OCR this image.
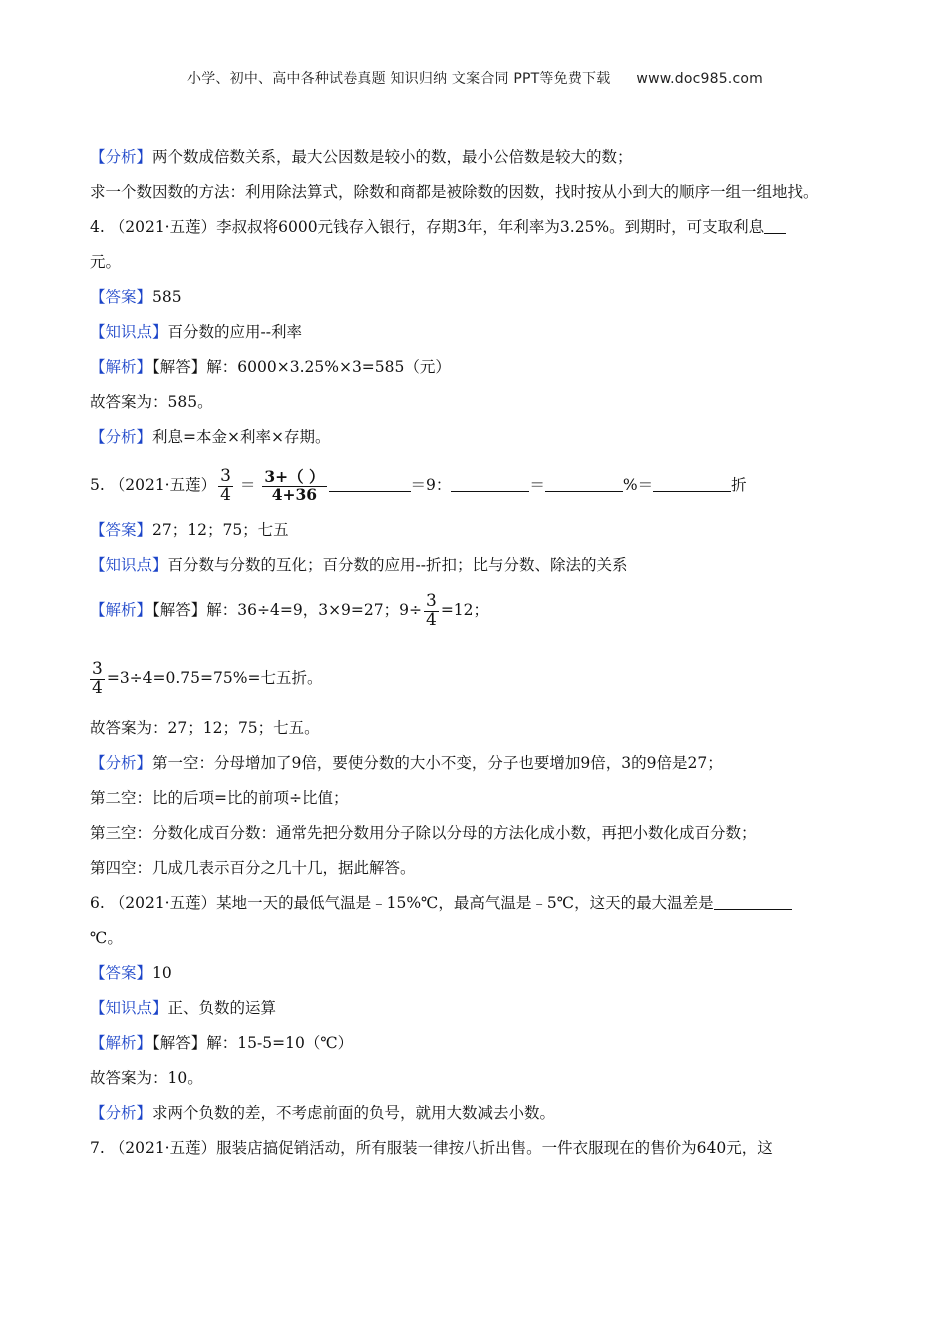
小学、初中、高中各种试卷真题 知识归纳 文案合同 PPT等免费下载 www.doc985.com

【分析】两个数成倍数关系，最大公因数是较小的数，最小公倍数是较大的数；

求一个数因数的方法：利用除法算式，除数和商都是被除数的因数，找时按从小到大的顺序一组一组地找。

4. （2021·五莲）李叔叔将6000元钱存入银行，存期3年，年利率为3.25%。到期时，可支取利息

元。

【答案】585

【知识点】百分数的应用--利率

【解析】【解答】解：6000×3.25%×3=585（元）

故答案为：585。

【分析】利息=本金×利率×存期。

5. （2021·五莲） $\frac{3}{4} = \frac{3+( )}{4+36}$	＝9：	＝	%＝	折

【答案】27；12；75；七五

【知识点】百分数与分数的互化；百分数的应用--折扣；比与分数、除法的关系

【解析】【解答】解：36÷4=9，3×9=27；$9\div \frac{3}{4} =12$；

$\frac{3}{4} =3\div 4=0.75=75\%=$七五折。

故答案为：27；12；75；七五。

【分析】第一空：分母增加了9倍，要使分数的大小不变，分子也要增加9倍，3的9倍是27；

第二空：比的后项=比的前项÷比值；

第三空：分数化成百分数：通常先把分数用分子除以分母的方法化成小数，再把小数化成百分数；

第四空：几成几表示百分之几十几，据此解答。

6. （2021·五莲）某地一天的最低气温是﹣15%℃，最高气温是﹣5℃，这天的最大温差是

℃。

【答案】10

【知识点】正、负数的运算

【解析】【解答】解：15-5=10（℃）

故答案为：10。

【分析】求两个负数的差，不考虑前面的负号，就用大数减去小数。

7. （2021·五莲）服装店搞促销活动，所有服装一律按八折出售。一件衣服现在的售价为640元，这
